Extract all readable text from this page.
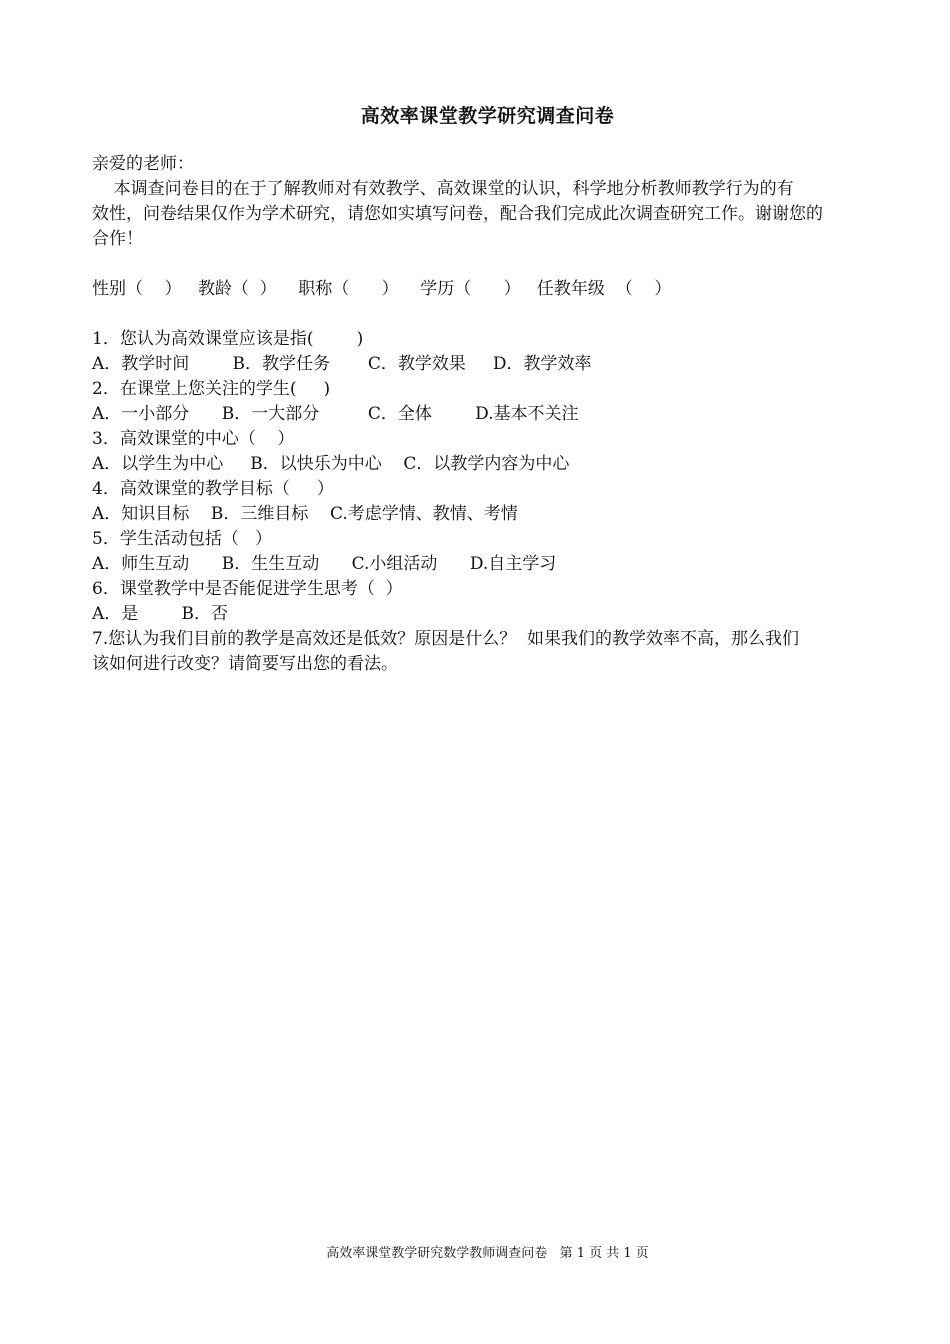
高效率课堂教学研究调查问卷
亲爱的老师：
本调查问卷目的在于了解教师对有效教学、高效课堂的认识，科学地分析教师教学行为的有
效性，问卷结果仅作为学术研究，请您如实填写问卷，配合我们完成此次调查研究工作。谢谢您的
合作！
性别（    ）   教龄（  ）    职称（      ）    学历（      ）   任教年级  （    ）
1．您认为高效课堂应该是指(        )
A．教学时间        B．教学任务       C．教学效果     D．教学效率
2．在课堂上您关注的学生(     )
A．一小部分      B．一大部分         C．全体        D.基本不关注
3．高效课堂的中心（    ）
A．以学生为中心     B．以快乐为中心    C．以教学内容为中心
4．高效课堂的教学目标（     ）
A．知识目标    B．三维目标    C.考虑学情、教情、考情
5．学生活动包括（   ）
A．师生互动      B．生生互动      C.小组活动      D.自主学习
6．课堂教学中是否能促进学生思考（  ）
A．是        B．否
7.您认为我们目前的教学是高效还是低效？原因是什么？  如果我们的教学效率不高，那么我们
该如何进行改变？请简要写出您的看法。
高效率课堂教学研究数学教师调查问卷   第 1 页 共 1 页
